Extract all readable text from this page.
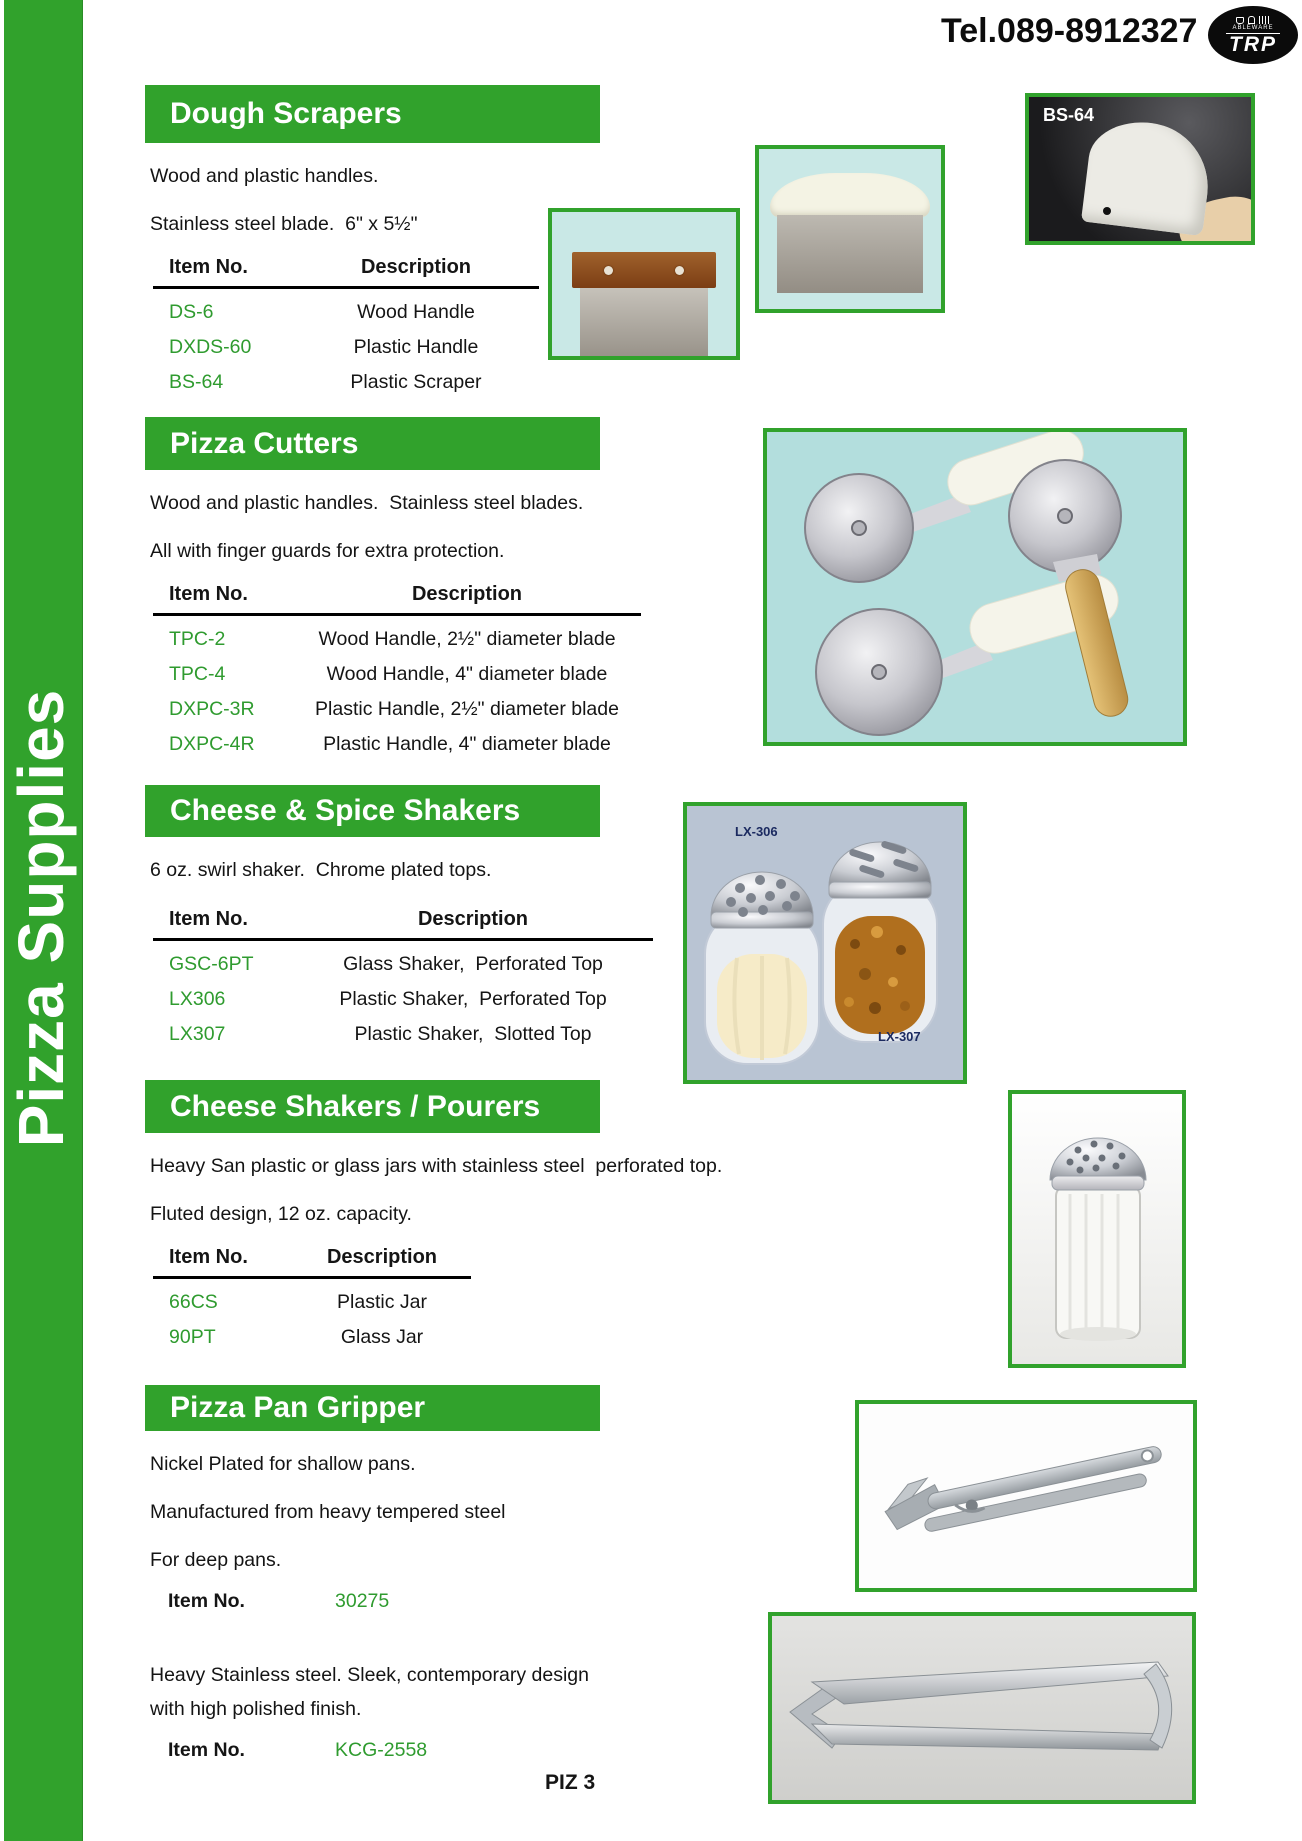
Pizza Supplies
Tel.089-8912327	ABLEWARE
TRP
Dough Scrapers

Wood and plastic handles.

Stainless steel blade.  6" x 5½"

Item No.	Description
DS-6	Wood Handle
DXDS-60	Plastic Handle
BS-64	Plastic Scraper
Pizza Cutters

Wood and plastic handles.  Stainless steel blades.

All with finger guards for extra protection.

Item No.	Description
TPC-2	Wood Handle, 2½" diameter blade
TPC-4	Wood Handle, 4" diameter blade
DXPC-3R	Plastic Handle, 2½" diameter blade
DXPC-4R	Plastic Handle, 4" diameter blade
Cheese & Spice Shakers

6 oz. swirl shaker.  Chrome plated tops.

Item No.	Description
GSC-6PT	Glass Shaker,  Perforated Top
LX306	Plastic Shaker,  Perforated Top
LX307	Plastic Shaker,  Slotted Top
Cheese Shakers / Pourers

Heavy San plastic or glass jars with stainless steel  perforated top.

Fluted design, 12 oz. capacity.

Item No.	Description
66CS	Plastic Jar
90PT	Glass Jar
Pizza Pan Gripper

Nickel Plated for shallow pans.

Manufactured from heavy tempered steel

For deep pans.

Item No.	30275

Heavy Stainless steel. Sleek, contemporary design

with high polished finish.

Item No.	KCG-2558
BS-64
LX-306
LX-307
PIZ 3
